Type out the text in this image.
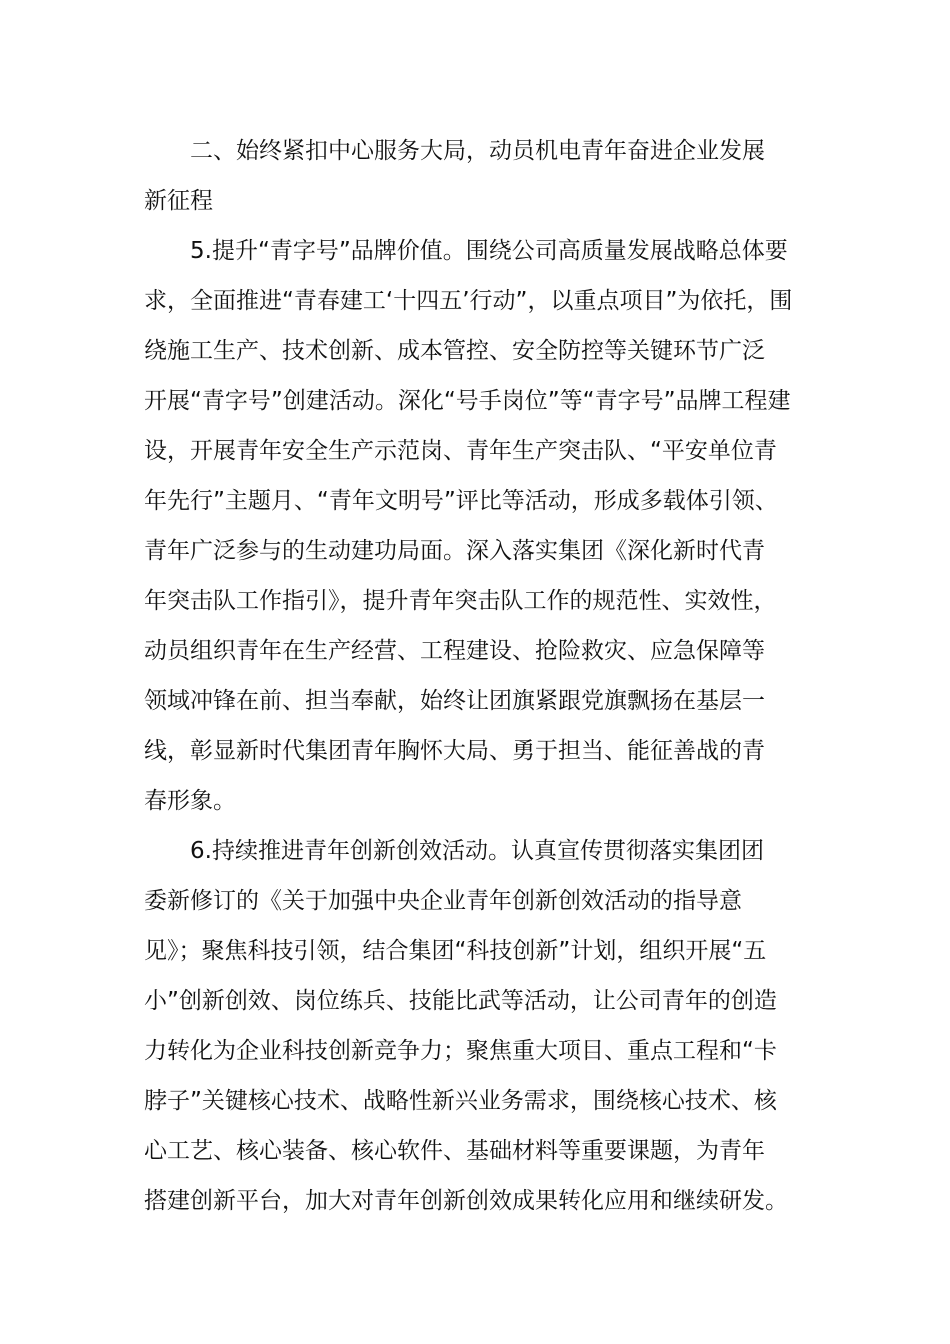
二、始终紧扣中心服务大局，动员机电青年奋进企业发展
新征程
5.提升“青字号”品牌价值。围绕公司高质量发展战略总体要
求，全面推进“青春建工‘十四五’行动”，以重点项目”为依托，围
绕施工生产、技术创新、成本管控、安全防控等关键环节广泛
开展“青字号”创建活动。深化“号手岗位”等“青字号”品牌工程建
设，开展青年安全生产示范岗、青年生产突击队、“平安单位青
年先行”主题月、“青年文明号”评比等活动，形成多载体引领、
青年广泛参与的生动建功局面。深入落实集团《深化新时代青
年突击队工作指引》，提升青年突击队工作的规范性、实效性，
动员组织青年在生产经营、工程建设、抢险救灾、应急保障等
领域冲锋在前、担当奉献，始终让团旗紧跟党旗飘扬在基层一
线，彰显新时代集团青年胸怀大局、勇于担当、能征善战的青
春形象。
6.持续推进青年创新创效活动。认真宣传贯彻落实集团团
委新修订的《关于加强中央企业青年创新创效活动的指导意
见》；聚焦科技引领，结合集团“科技创新”计划，组织开展“五
小”创新创效、岗位练兵、技能比武等活动，让公司青年的创造
力转化为企业科技创新竞争力；聚焦重大项目、重点工程和“卡
脖子”关键核心技术、战略性新兴业务需求，围绕核心技术、核
心工艺、核心装备、核心软件、基础材料等重要课题，为青年
搭建创新平台，加大对青年创新创效成果转化应用和继续研发。
